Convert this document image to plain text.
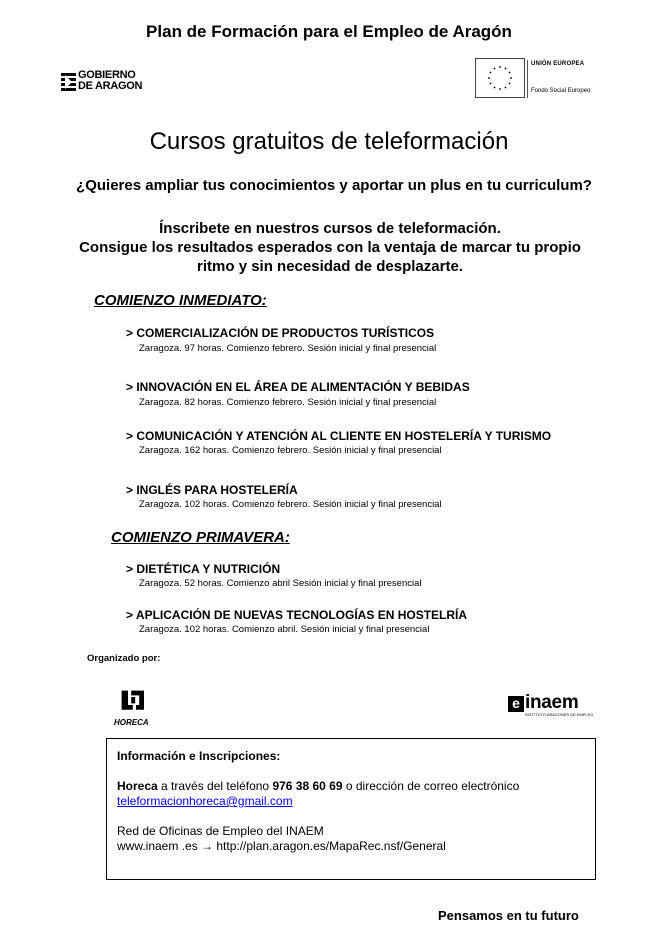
Plan de Formación para el Empleo de Aragón
GOBIERNO
DE ARAGON
UNIÓN EUROPEA
Fondo Social Europeo
Cursos gratuitos de teleformación
¿Quieres ampliar tus conocimientos y aportar un plus en tu curriculum?
Ínscribete en nuestros cursos de teleformación.
Consigue los resultados esperados con la ventaja de marcar tu propio
ritmo y sin necesidad de desplazarte.
COMIENZO INMEDIATO:
> COMERCIALIZACIÓN DE PRODUCTOS TURÍSTICOS
Zaragoza. 97 horas. Comienzo febrero. Sesión inicial y final presencial
> INNOVACIÓN EN EL ÁREA DE ALIMENTACIÓN Y BEBIDAS
Zaragoza. 82 horas. Comienzo febrero. Sesión inicial y final presencial
> COMUNICACIÓN Y ATENCIÓN AL CLIENTE EN HOSTELERÍA Y TURISMO
Zaragoza. 162 horas. Comienzo febrero. Sesión inicial y final presencial
> INGLÉS PARA HOSTELERÍA
Zaragoza. 102 horas. Comienzo febrero. Sesión inicial y final presencial
COMIENZO PRIMAVERA:
> DIETÉTICA Y NUTRICIÓN
Zaragoza. 52 horas. Comienzo abril Sesión inicial y final presencial
> APLICACIÓN DE NUEVAS TECNOLOGÍAS EN HOSTELRÍA
Zaragoza. 102 horas. Comienzo abril. Sesión inicial y final presencial
Organizado por:
HORECA
e inaem
INSTITUTO ARAGONÉS DE EMPLEO
Información e Inscripciones:
Horeca a través del teléfono 976 38 60 69 o dirección de correo electrónico
teleformacionhoreca@gmail.com
Red de Oficinas de Empleo del INAEM
www.inaem .es → http://plan.aragon.es/MapaRec.nsf/General
Pensamos en tu futuro
